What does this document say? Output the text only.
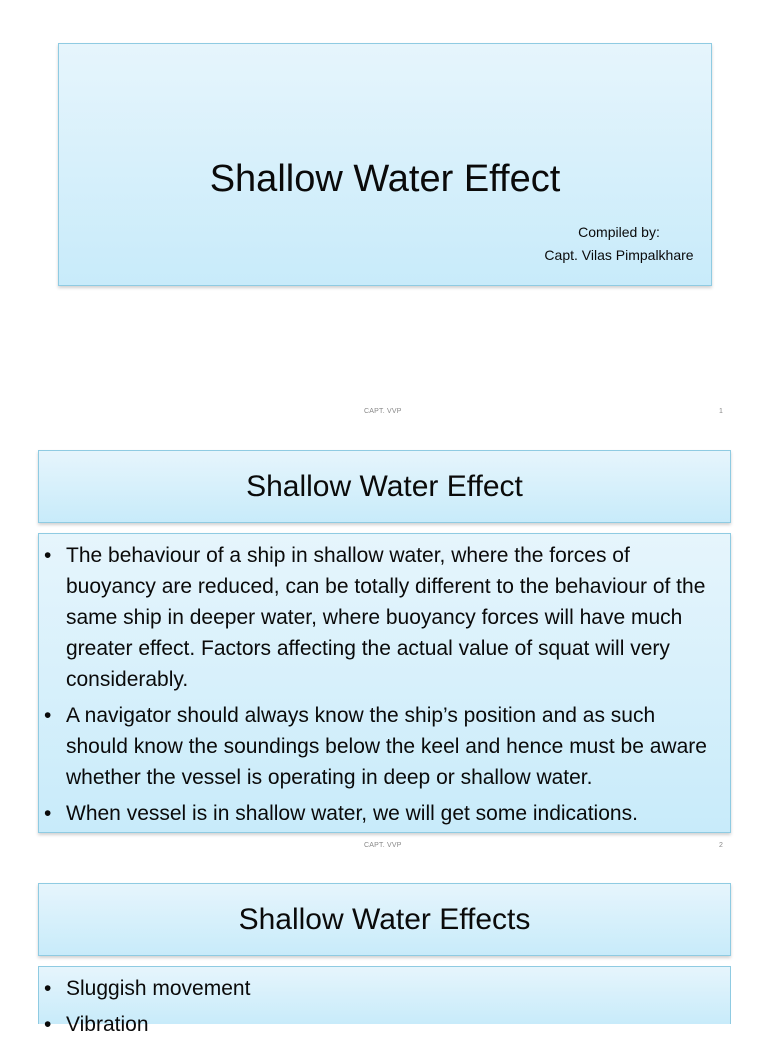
Shallow Water Effect
Compiled by:
Capt. Vilas Pimpalkhare
CAPT. VVP	1
Shallow Water Effect
• The behaviour of a ship in shallow water, where the forces of buoyancy are reduced, can be totally different to the behaviour of the same ship in deeper water, where buoyancy forces will have much greater effect. Factors affecting the actual value of squat will very considerably.
• A navigator should always know the ship’s position and as such should know the soundings below the keel and hence must be aware whether the vessel is operating in deep or shallow water.
• When vessel is in shallow water, we will get some indications.
CAPT. VVP	2
Shallow Water Effects
• Sluggish movement
• Vibration
